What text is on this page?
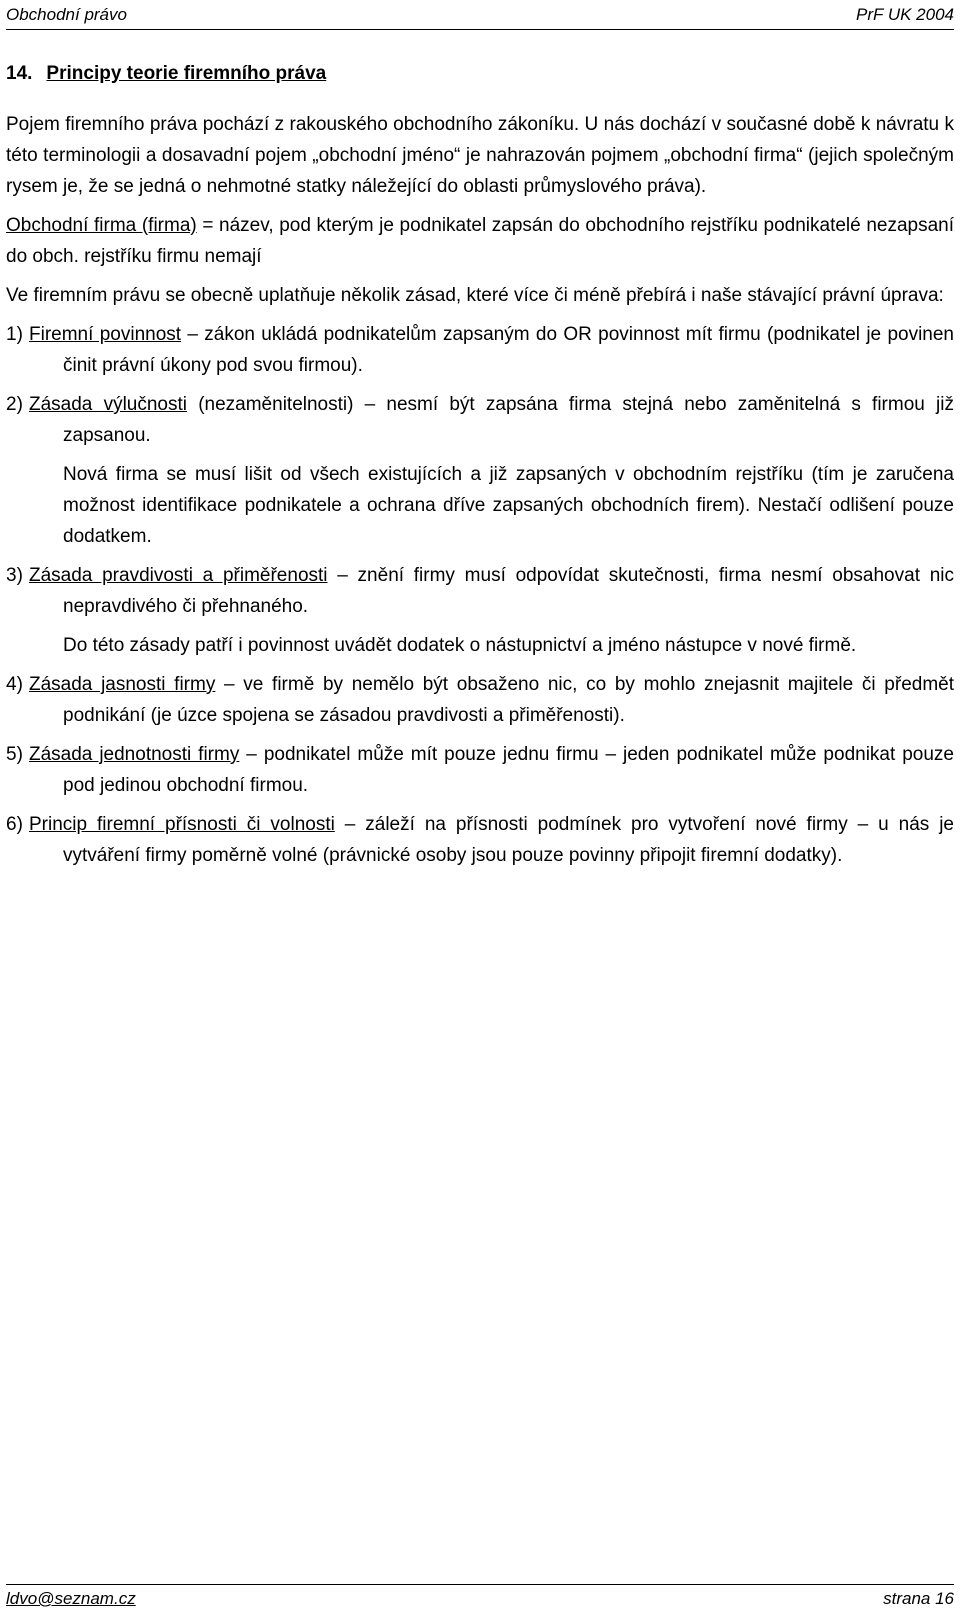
Obchodní právo	PrF UK 2004
14. Principy teorie firemního práva

Pojem firemního práva pochází z rakouského obchodního zákoníku. U nás dochází v současné době k návratu k této terminologii a dosavadní pojem „obchodní jméno“ je nahrazován pojmem „obchodní firma“ (jejich společným rysem je, že se jedná o nehmotné statky náležející do oblasti průmyslového práva).

Obchodní firma (firma) = název, pod kterým je podnikatel zapsán do obchodního rejstříku podnikatelé nezapsaní do obch. rejstříku firmu nemají

Ve firemním právu se obecně uplatňuje několik zásad, které více či méně přebírá i naše stávající právní úprava:

1) Firemní povinnost – zákon ukládá podnikatelům zapsaným do OR povinnost mít firmu (podnikatel je povinen činit právní úkony pod svou firmou).

2) Zásada výlučnosti (nezaměnitelnosti) – nesmí být zapsána firma stejná nebo zaměnitelná s firmou již zapsanou.

Nová firma se musí lišit od všech existujících a již zapsaných v obchodním rejstříku (tím je zaručena možnost identifikace podnikatele a ochrana dříve zapsaných obchodních firem). Nestačí odlišení pouze dodatkem.

3) Zásada pravdivosti a přiměřenosti – znění firmy musí odpovídat skutečnosti, firma nesmí obsahovat nic nepravdivého či přehnaného.

Do této zásady patří i povinnost uvádět dodatek o nástupnictví a jméno nástupce v nové firmě.

4) Zásada jasnosti firmy – ve firmě by nemělo být obsaženo nic, co by mohlo znejasnit majitele či předmět podnikání (je úzce spojena se zásadou pravdivosti a přiměřenosti).

5) Zásada jednotnosti firmy – podnikatel může mít pouze jednu firmu – jeden podnikatel může podnikat pouze pod jedinou obchodní firmou.

6) Princip firemní přísnosti či volnosti – záleží na přísnosti podmínek pro vytvoření nové firmy – u nás je vytváření firmy poměrně volné (právnické osoby jsou pouze povinny připojit firemní dodatky).

ldvo@seznam.cz	strana 16
